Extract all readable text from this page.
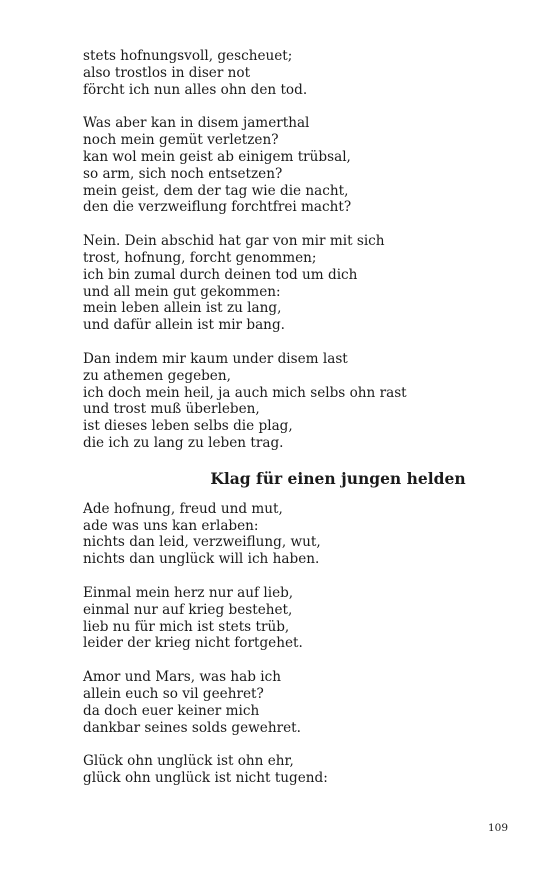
stets hofnungsvoll, gescheuet;
also trostlos in diser not
förcht ich nun alles ohn den tod.
Was aber kan in disem jamerthal
noch mein gemüt verletzen?
kan wol mein geist ab einigem trübsal,
so arm, sich noch entsetzen?
mein geist, dem der tag wie die nacht,
den die verzweiflung forchtfrei macht?
Nein. Dein abschid hat gar von mir mit sich
trost, hofnung, forcht genommen;
ich bin zumal durch deinen tod um dich
und all mein gut gekommen:
mein leben allein ist zu lang,
und dafür allein ist mir bang.
Dan indem mir kaum under disem last
zu athemen gegeben,
ich doch mein heil, ja auch mich selbs ohn rast
und trost muß überleben,
ist dieses leben selbs die plag,
die ich zu lang zu leben trag.
Klag für einen jungen helden
Ade hofnung, freud und mut,
ade was uns kan erlaben:
nichts dan leid, verzweiflung, wut,
nichts dan unglück will ich haben.
Einmal mein herz nur auf lieb,
einmal nur auf krieg bestehet,
lieb nu für mich ist stets trüb,
leider der krieg nicht fortgehet.
Amor und Mars, was hab ich
allein euch so vil geehret?
da doch euer keiner mich
dankbar seines solds gewehret.
Glück ohn unglück ist ohn ehr,
glück ohn unglück ist nicht tugend:
109
